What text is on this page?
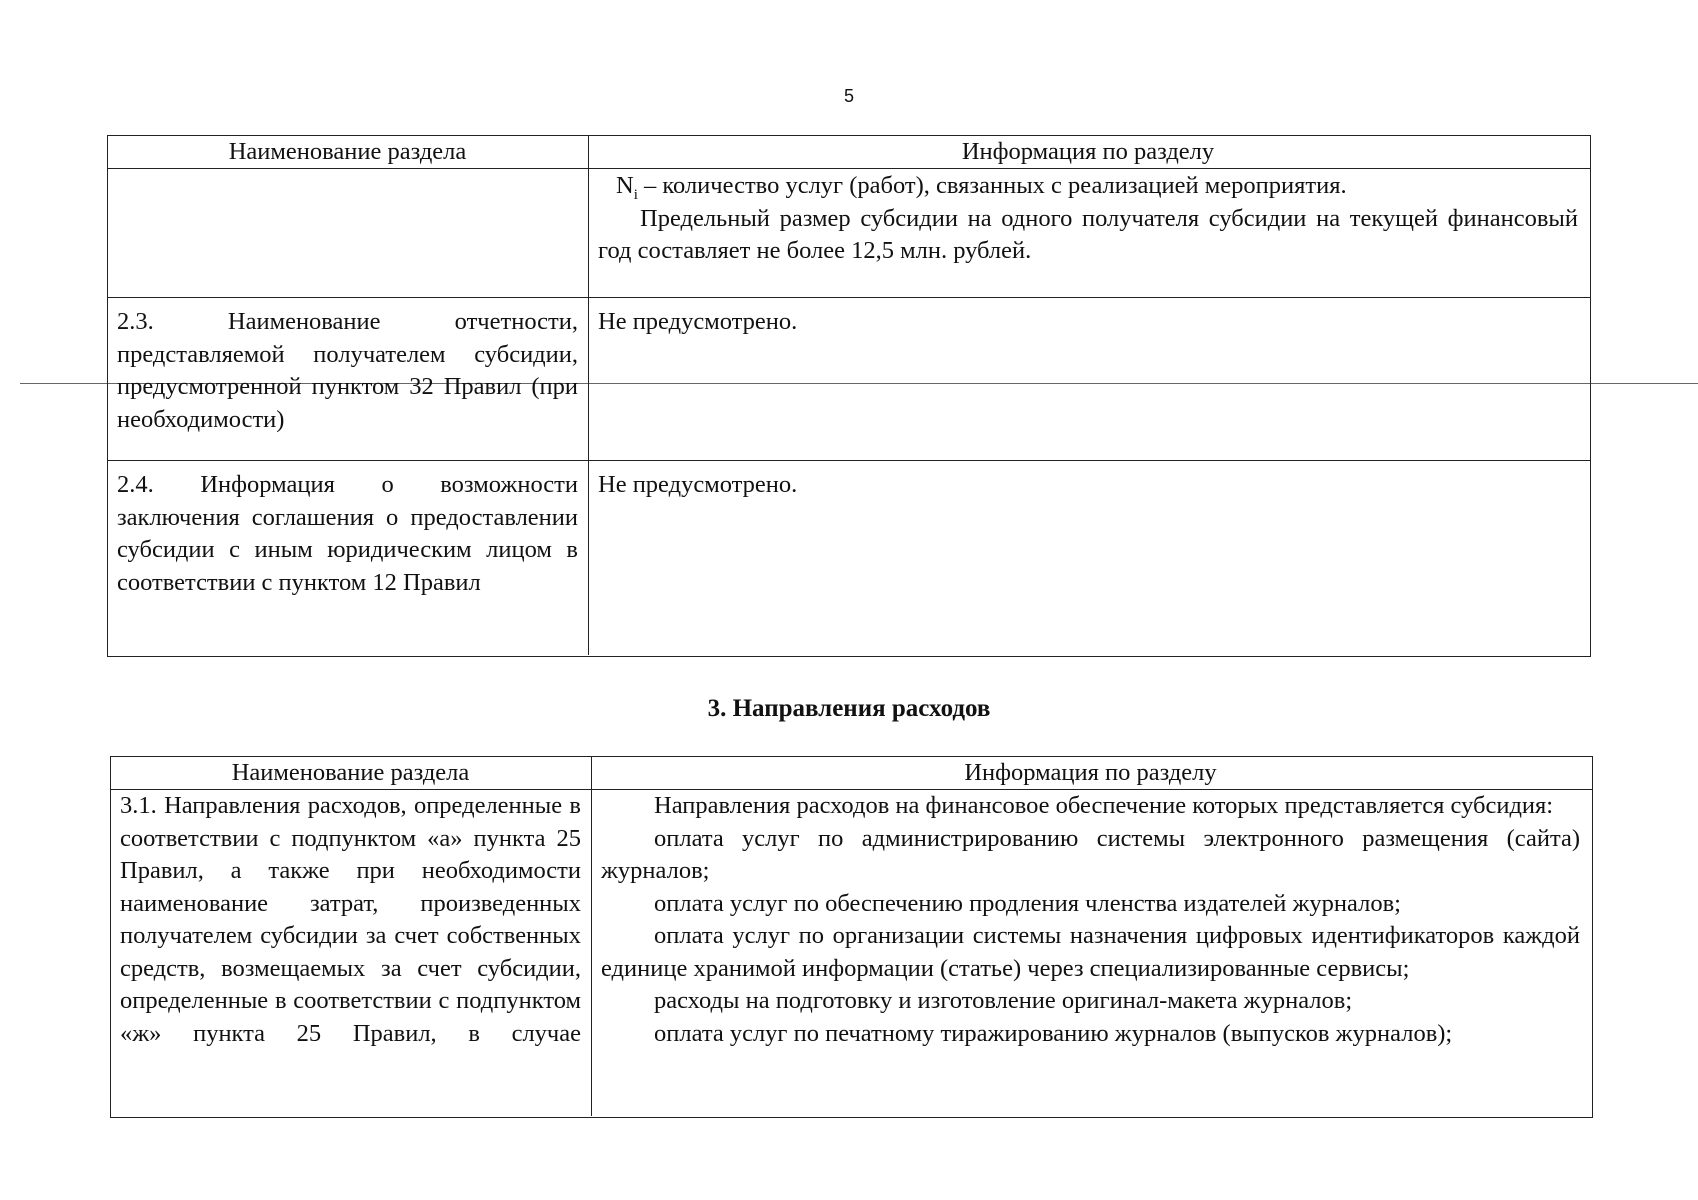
5
Наименование раздела	Информация по разделу
$N_i$ – количество услуг (работ), связанных с реализацией мероприятия.
Предельный размер субсидии на одного получателя субсидии на текущей финансовый год составляет не более 12,5 млн. рублей.
2.3. Наименование отчетности, представляемой получателем субсидии, предусмотренной пунктом 32 Правил (при необходимости)
Не предусмотрено.
2.4. Информация о возможности заключения соглашения о предоставлении субсидии с иным юридическим лицом в соответствии с пунктом 12 Правил
Не предусмотрено.
3. Направления расходов
Наименование раздела	Информация по разделу
3.1. Направления расходов, определенные в соответствии с подпунктом «а» пункта 25 Правил, а также при необходимости наименование затрат, произведенных получателем субсидии за счет собственных средств, возмещаемых за счет субсидии, определенные в соответствии с подпунктом «ж» пункта 25 Правил, в случае
Направления расходов на финансовое обеспечение которых представляется субсидия:
оплата услуг по администрированию системы электронного размещения (сайта) журналов;
оплата услуг по обеспечению продления членства издателей журналов;
оплата услуг по организации системы назначения цифровых идентификаторов каждой единице хранимой информации (статье) через специализированные сервисы;
расходы на подготовку и изготовление оригинал-макета журналов;
оплата услуг по печатному тиражированию журналов (выпусков журналов);
